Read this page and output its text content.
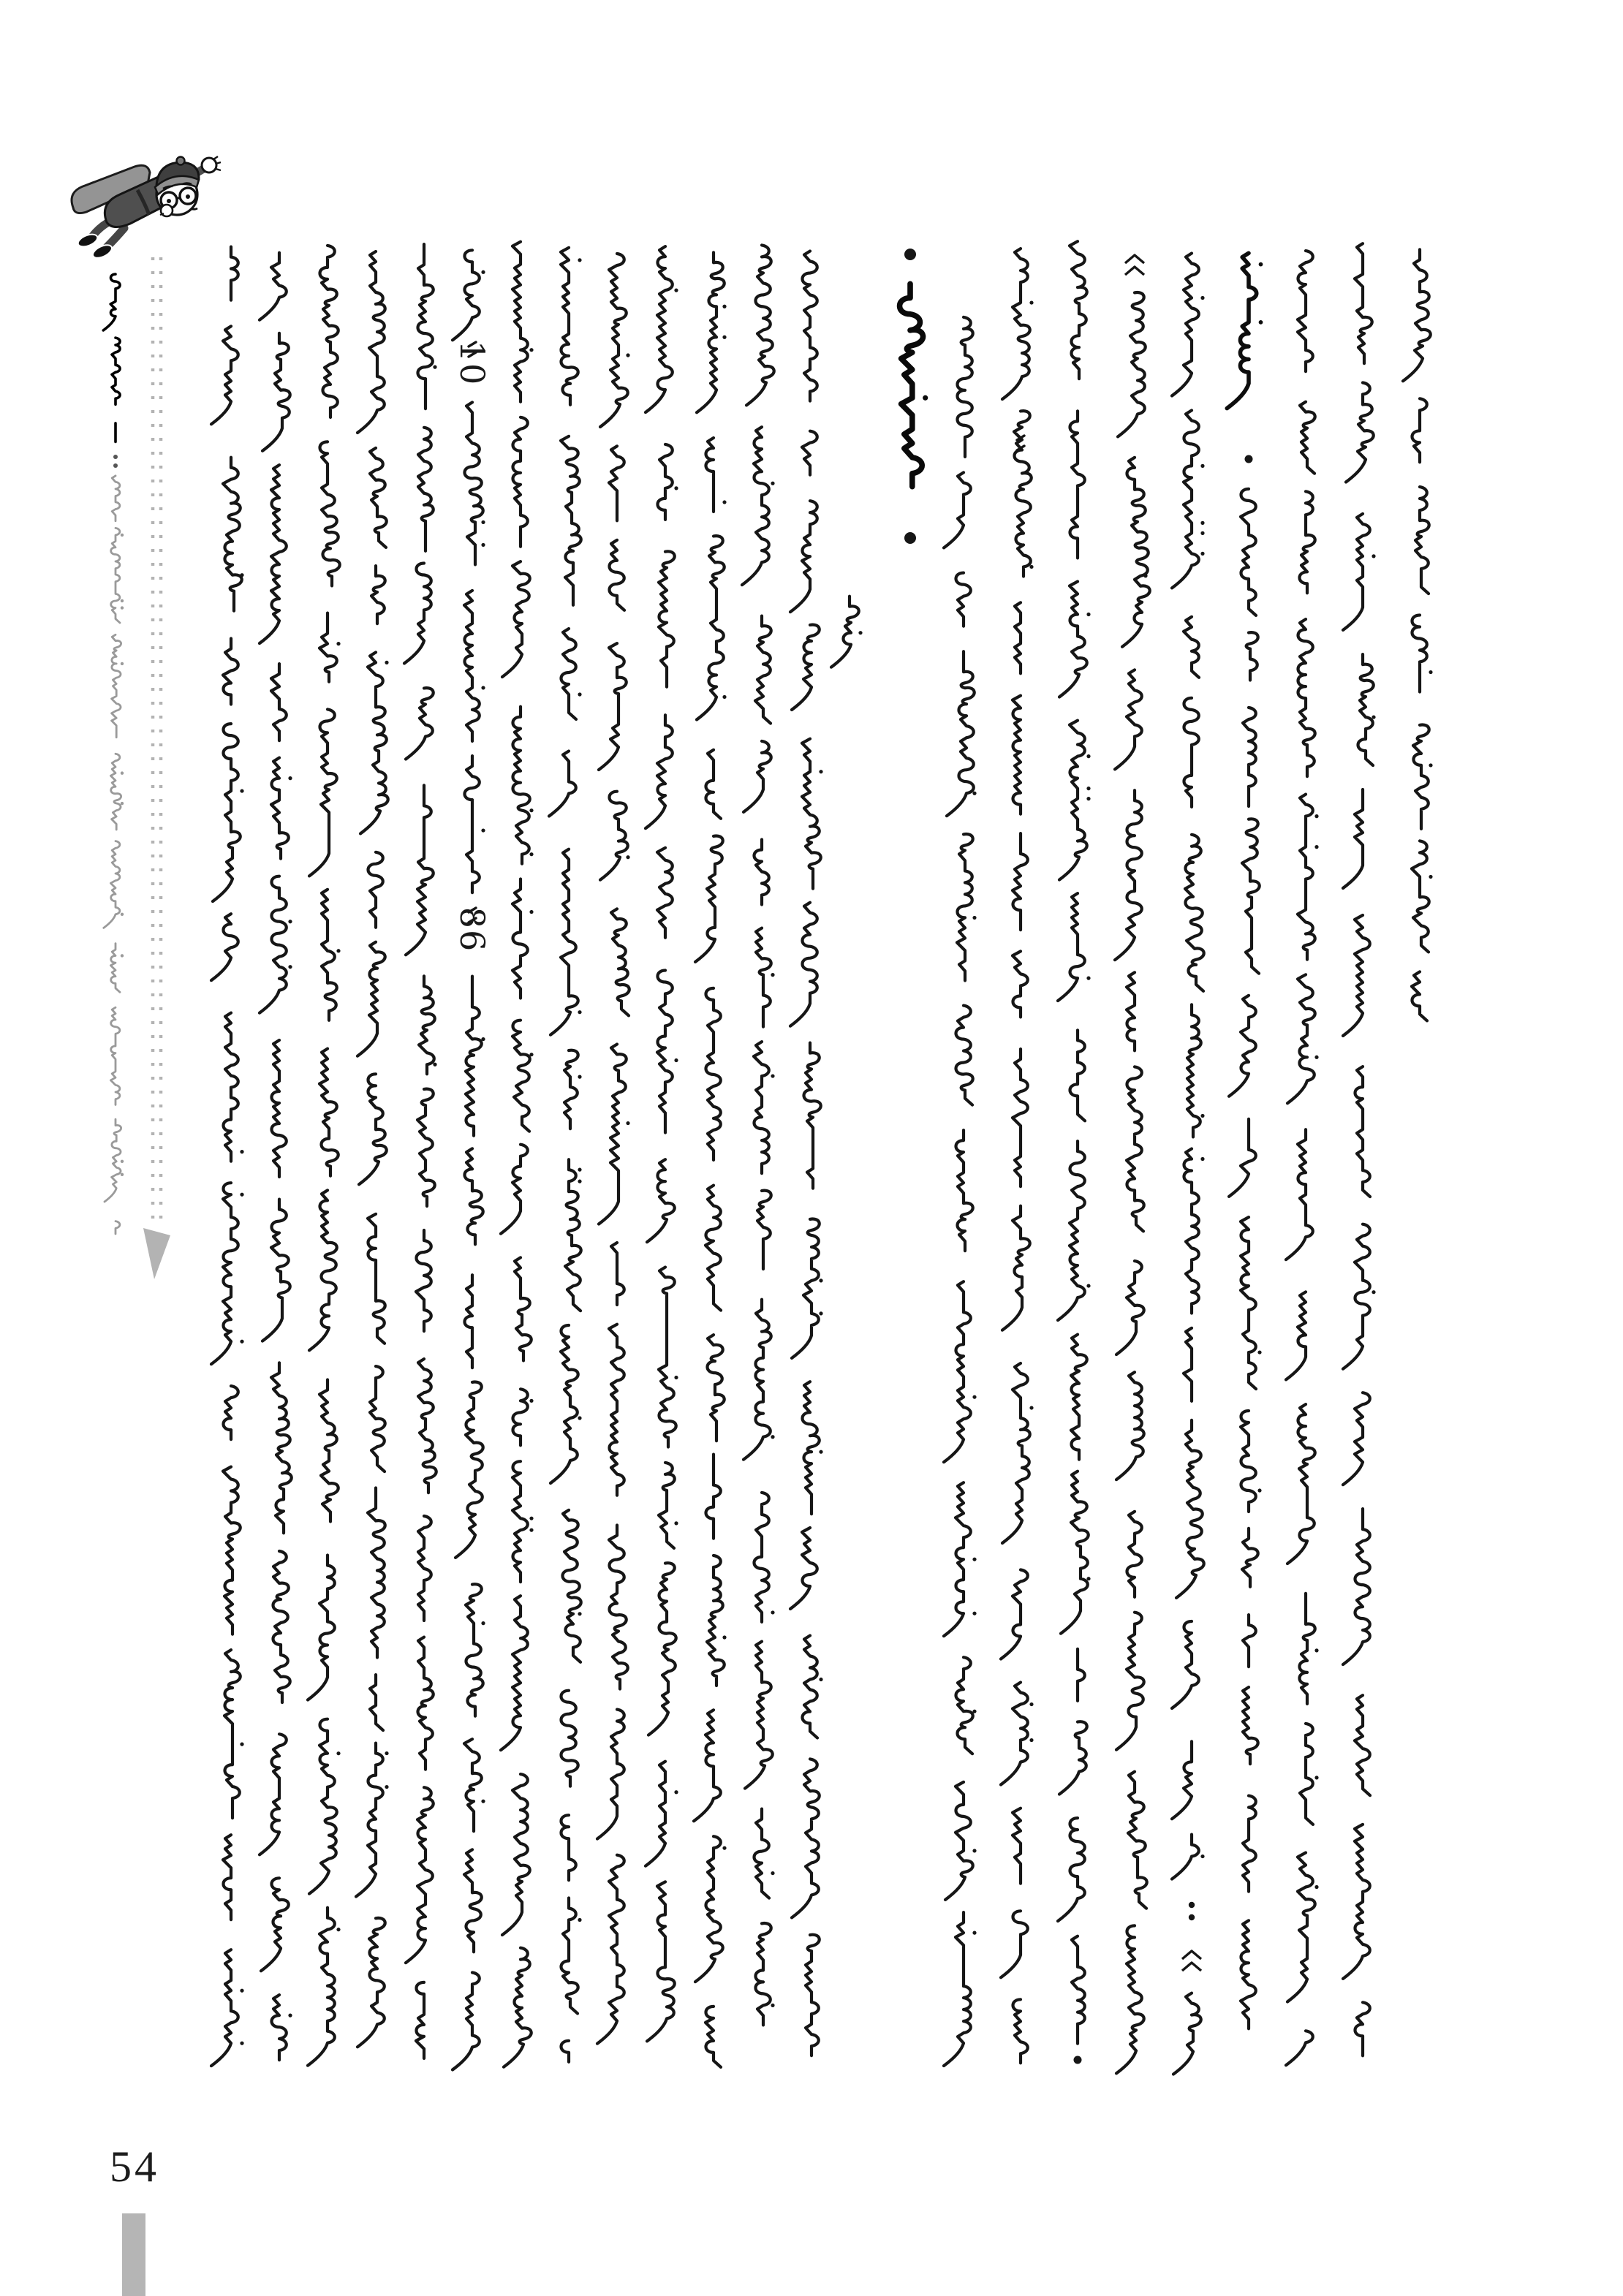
10
86
54
